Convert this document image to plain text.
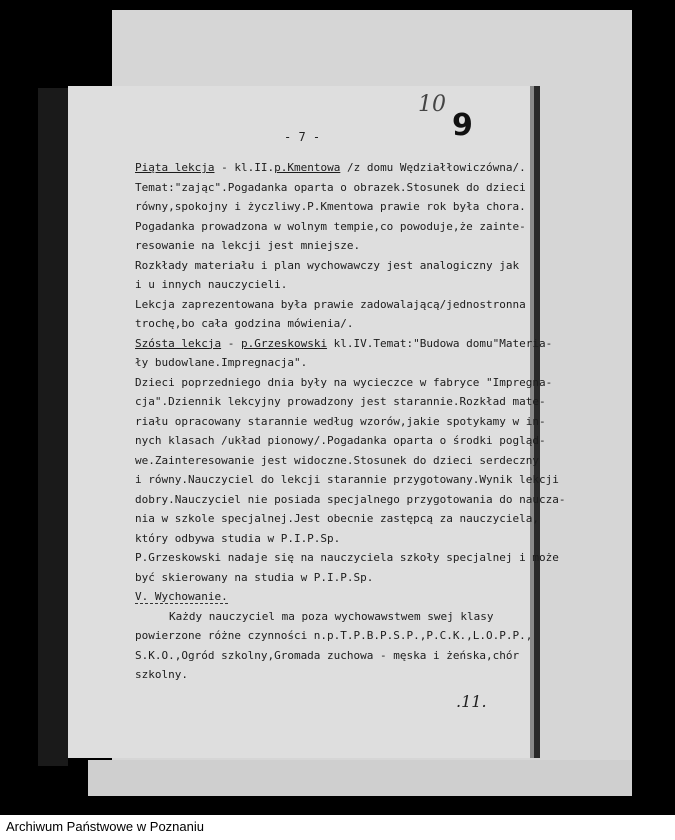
10
9
- 7 -
Piąta lekcja - kl.II.p.Kmentowa /z domu Wędziałłowiczówna/.
Temat:"zając".Pogadanka oparta o obrazek.Stosunek do dzieci
równy,spokojny i życzliwy.P.Kmentowa prawie rok była chora.
Pogadanka prowadzona w wolnym tempie,co powoduje,że zainte-
resowanie na lekcji jest mniejsze.
Rozkłady materiału i plan wychowawczy jest analogiczny jak
i u innych nauczycieli.
Lekcja zaprezentowana była prawie zadowalającą/jednostronna
trochę,bo cała godzina mówienia/.
Szósta lekcja - p.Grzeskowski kl.IV.Temat:"Budowa domu"Materia-
ły budowlane.Impregnacja".
Dzieci poprzedniego dnia były na wycieczce w fabryce "Impregna-
cja".Dziennik lekcyjny prowadzony jest starannie.Rozkład mate-
riału opracowany starannie według wzorów,jakie spotykamy w in-
nych klasach /układ pionowy/.Pogadanka oparta o środki pogląd-
we.Zainteresowanie jest widoczne.Stosunek do dzieci serdeczny
i równy.Nauczyciel do lekcji starannie przygotowany.Wynik lekcji
dobry.Nauczyciel nie posiada specjalnego przygotowania do naucza-
nia w szkole specjalnej.Jest obecnie zastępcą za nauczyciela,
który odbywa studia w P.I.P.Sp.
P.Grzeskowski nadaje się na nauczyciela szkoły specjalnej i może
być skierowany na studia w P.I.P.Sp.
V. Wychowanie.
Każdy nauczyciel ma poza wychowawstwem swej klasy
powierzone różne czynności n.p.T.P.B.P.S.P.,P.C.K.,L.O.P.P.,
S.K.O.,Ogród szkolny,Gromada zuchowa - męska i żeńska,chór
szkolny.
.11.
Archiwum Państwowe w Poznaniu
